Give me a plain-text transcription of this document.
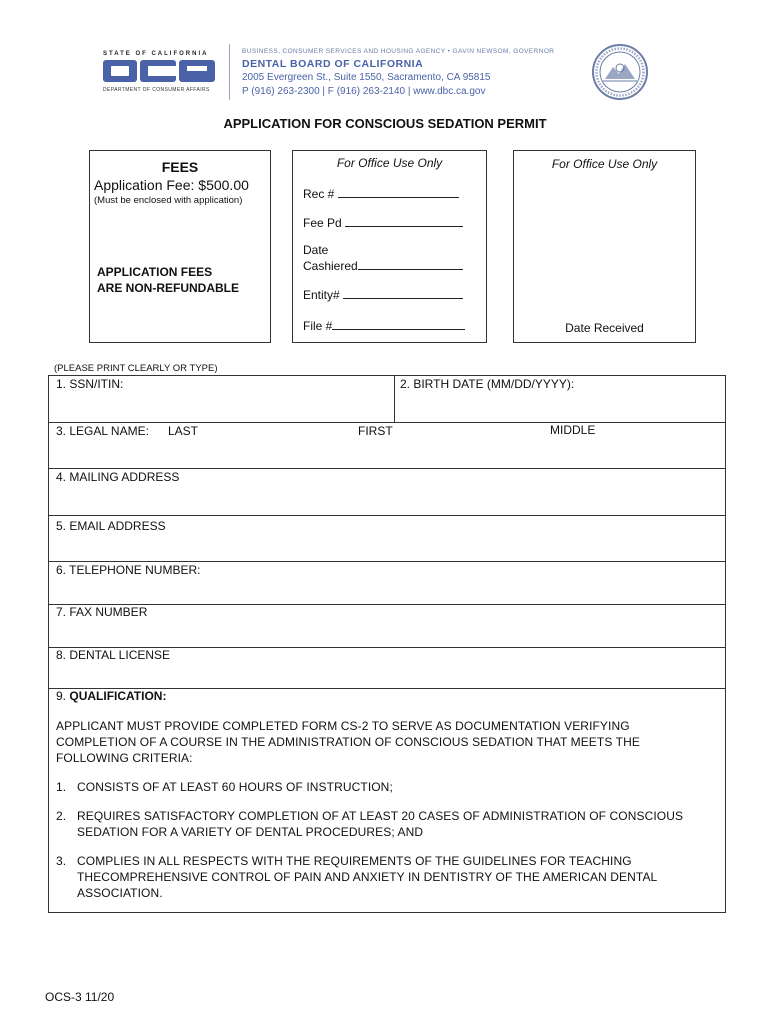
STATE OF CALIFORNIA
DEPARTMENT OF CONSUMER AFFAIRS
BUSINESS, CONSUMER SERVICES AND HOUSING AGENCY • GAVIN NEWSOM, GOVERNOR
DENTAL BOARD OF CALIFORNIA
2005 Evergreen St., Suite 1550, Sacramento, CA 95815
P (916) 263-2300 | F (916) 263-2140 | www.dbc.ca.gov
APPLICATION FOR CONSCIOUS SEDATION PERMIT
FEES
Application Fee: $500.00
(Must be enclosed with application)
APPLICATION FEES
ARE NON-REFUNDABLE
For Office Use Only
Rec #
Fee Pd
Date
Cashiered
Entity#
File #
For Office Use Only
Date Received
(PLEASE PRINT CLEARLY OR TYPE)
1. SSN/ITIN:	2. BIRTH DATE (MM/DD/YYYY):
3. LEGAL NAME: LAST	FIRST	MIDDLE
4. MAILING ADDRESS
5. EMAIL ADDRESS
6. TELEPHONE NUMBER:
7. FAX NUMBER
8. DENTAL LICENSE
9. QUALIFICATION:
APPLICANT MUST PROVIDE COMPLETED FORM CS-2 TO SERVE AS DOCUMENTATION VERIFYING
COMPLETION OF A COURSE IN THE ADMINISTRATION OF CONSCIOUS SEDATION THAT MEETS THE
FOLLOWING CRITERIA:
1. CONSISTS OF AT LEAST 60 HOURS OF INSTRUCTION;
2. REQUIRES SATISFACTORY COMPLETION OF AT LEAST 20 CASES OF ADMINISTRATION OF CONSCIOUS
SEDATION FOR A VARIETY OF DENTAL PROCEDURES; AND
3. COMPLIES IN ALL RESPECTS WITH THE REQUIREMENTS OF THE GUIDELINES FOR TEACHING
THECOMPREHENSIVE CONTROL OF PAIN AND ANXIETY IN DENTISTRY OF THE AMERICAN DENTAL
ASSOCIATION.
OCS-3 11/20
